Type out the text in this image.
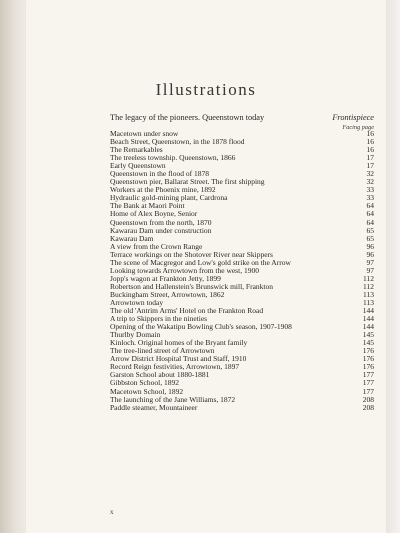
Illustrations
The legacy of the pioneers. Queenstown today	Frontispiece
Facing page
Macetown under snow	16
Beach Street, Queenstown, in the 1878 flood	16
The Remarkables	16
The treeless township. Queenstown, 1866	17
Early Queenstown	17
Queenstown in the flood of 1878	32
Queenstown pier, Ballarat Street. The first shipping	32
Workers at the Phoenix mine, 1892	33
Hydraulic gold-mining plant, Cardrona	33
The Bank at Maori Point	64
Home of Alex Boyne, Senior	64
Queenstown from the north, 1870	64
Kawarau Dam under construction	65
Kawarau Dam	65
A view from the Crown Range	96
Terrace workings on the Shotover River near Skippers	96
The scene of Macgregor and Low's gold strike on the Arrow	97
Looking towards Arrowtown from the west, 1900	97
Jopp's wagon at Frankton Jetty, 1899	112
Robertson and Hallenstein's Brunswick mill, Frankton	112
Buckingham Street, Arrowtown, 1862	113
Arrowtown today	113
The old 'Antrim Arms' Hotel on the Frankton Road	144
A trip to Skippers in the nineties	144
Opening of the Wakatipu Bowling Club's season, 1907-1908	144
Thurlby Domain	145
Kinloch. Original homes of the Bryant family	145
The tree-lined street of Arrowtown	176
Arrow District Hospital Trust and Staff, 1910	176
Record Reign festivities, Arrowtown, 1897	176
Garston School about 1880-1881	177
Gibbston School, 1892	177
Macetown School, 1892	177
The launching of the Jane Williams, 1872	208
Paddle steamer, Mountaineer	208
x
